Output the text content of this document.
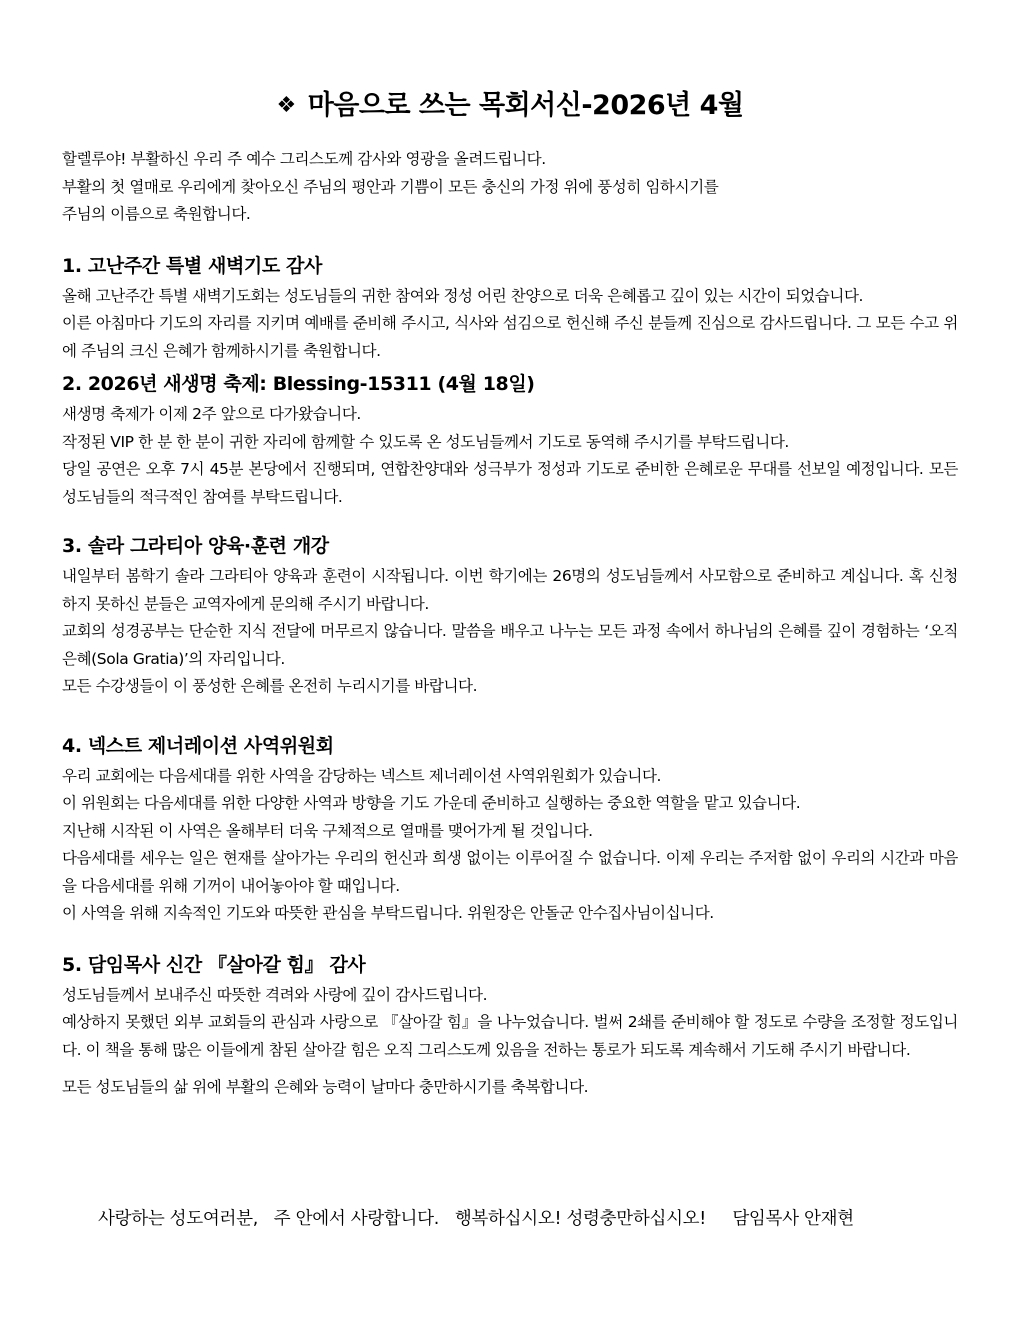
❖ 마음으로 쓰는 목회서신-2026년 4월

할렐루야! 부활하신 우리 주 예수 그리스도께 감사와 영광을 올려드립니다.

부활의 첫 열매로 우리에게 찾아오신 주님의 평안과 기쁨이 모든 충신의 가정 위에 풍성히 임하시기를

주님의 이름으로 축원합니다.

1. 고난주간 특별 새벽기도 감사

올해 고난주간 특별 새벽기도회는 성도님들의 귀한 참여와 정성 어린 찬양으로 더욱 은혜롭고 깊이 있는 시간이 되었습니다.

이른 아침마다 기도의 자리를 지키며 예배를 준비해 주시고, 식사와 섬김으로 헌신해 주신 분들께 진심으로 감사드립니다. 그 모든 수고 위에 주님의 크신 은혜가 함께하시기를 축원합니다.

2. 2026년 새생명 축제: Blessing-15311 (4월 18일)

새생명 축제가 이제 2주 앞으로 다가왔습니다.

작정된 VIP 한 분 한 분이 귀한 자리에 함께할 수 있도록 온 성도님들께서 기도로 동역해 주시기를 부탁드립니다.

당일 공연은 오후 7시 45분 본당에서 진행되며, 연합찬양대와 성극부가 정성과 기도로 준비한 은혜로운 무대를 선보일 예정입니다. 모든 성도님들의 적극적인 참여를 부탁드립니다.

3. 솔라 그라티아 양육·훈련 개강

내일부터 봄학기 솔라 그라티아 양육과 훈련이 시작됩니다. 이번 학기에는 26명의 성도님들께서 사모함으로 준비하고 계십니다. 혹 신청하지 못하신 분들은 교역자에게 문의해 주시기 바랍니다.

교회의 성경공부는 단순한 지식 전달에 머무르지 않습니다. 말씀을 배우고 나누는 모든 과정 속에서 하나님의 은혜를 깊이 경험하는 ‘오직 은혜(Sola Gratia)’의 자리입니다.

모든 수강생들이 이 풍성한 은혜를 온전히 누리시기를 바랍니다.

4. 넥스트 제너레이션 사역위원회

우리 교회에는 다음세대를 위한 사역을 감당하는 넥스트 제너레이션 사역위원회가 있습니다.

이 위원회는 다음세대를 위한 다양한 사역과 방향을 기도 가운데 준비하고 실행하는 중요한 역할을 맡고 있습니다.

지난해 시작된 이 사역은 올해부터 더욱 구체적으로 열매를 맺어가게 될 것입니다.

다음세대를 세우는 일은 현재를 살아가는 우리의 헌신과 희생 없이는 이루어질 수 없습니다. 이제 우리는 주저함 없이 우리의 시간과 마음을 다음세대를 위해 기꺼이 내어놓아야 할 때입니다.

이 사역을 위해 지속적인 기도와 따뜻한 관심을 부탁드립니다. 위원장은 안돌군 안수집사님이십니다.

5. 담임목사 신간 『살아갈 힘』 감사

성도님들께서 보내주신 따뜻한 격려와 사랑에 깊이 감사드립니다.

예상하지 못했던 외부 교회들의 관심과 사랑으로 『살아갈 힘』을 나누었습니다. 벌써 2쇄를 준비해야 할 정도로 수량을 조정할 정도입니다. 이 책을 통해 많은 이들에게 참된 살아갈 힘은 오직 그리스도께 있음을 전하는 통로가 되도록 계속해서 기도해 주시기 바랍니다.

모든 성도님들의 삶 위에 부활의 은혜와 능력이 날마다 충만하시기를 축복합니다.

사랑하는 성도여러분, 주 안에서 사랑합니다. 행복하십시오! 성령충만하십시오! 담임목사 안재현
